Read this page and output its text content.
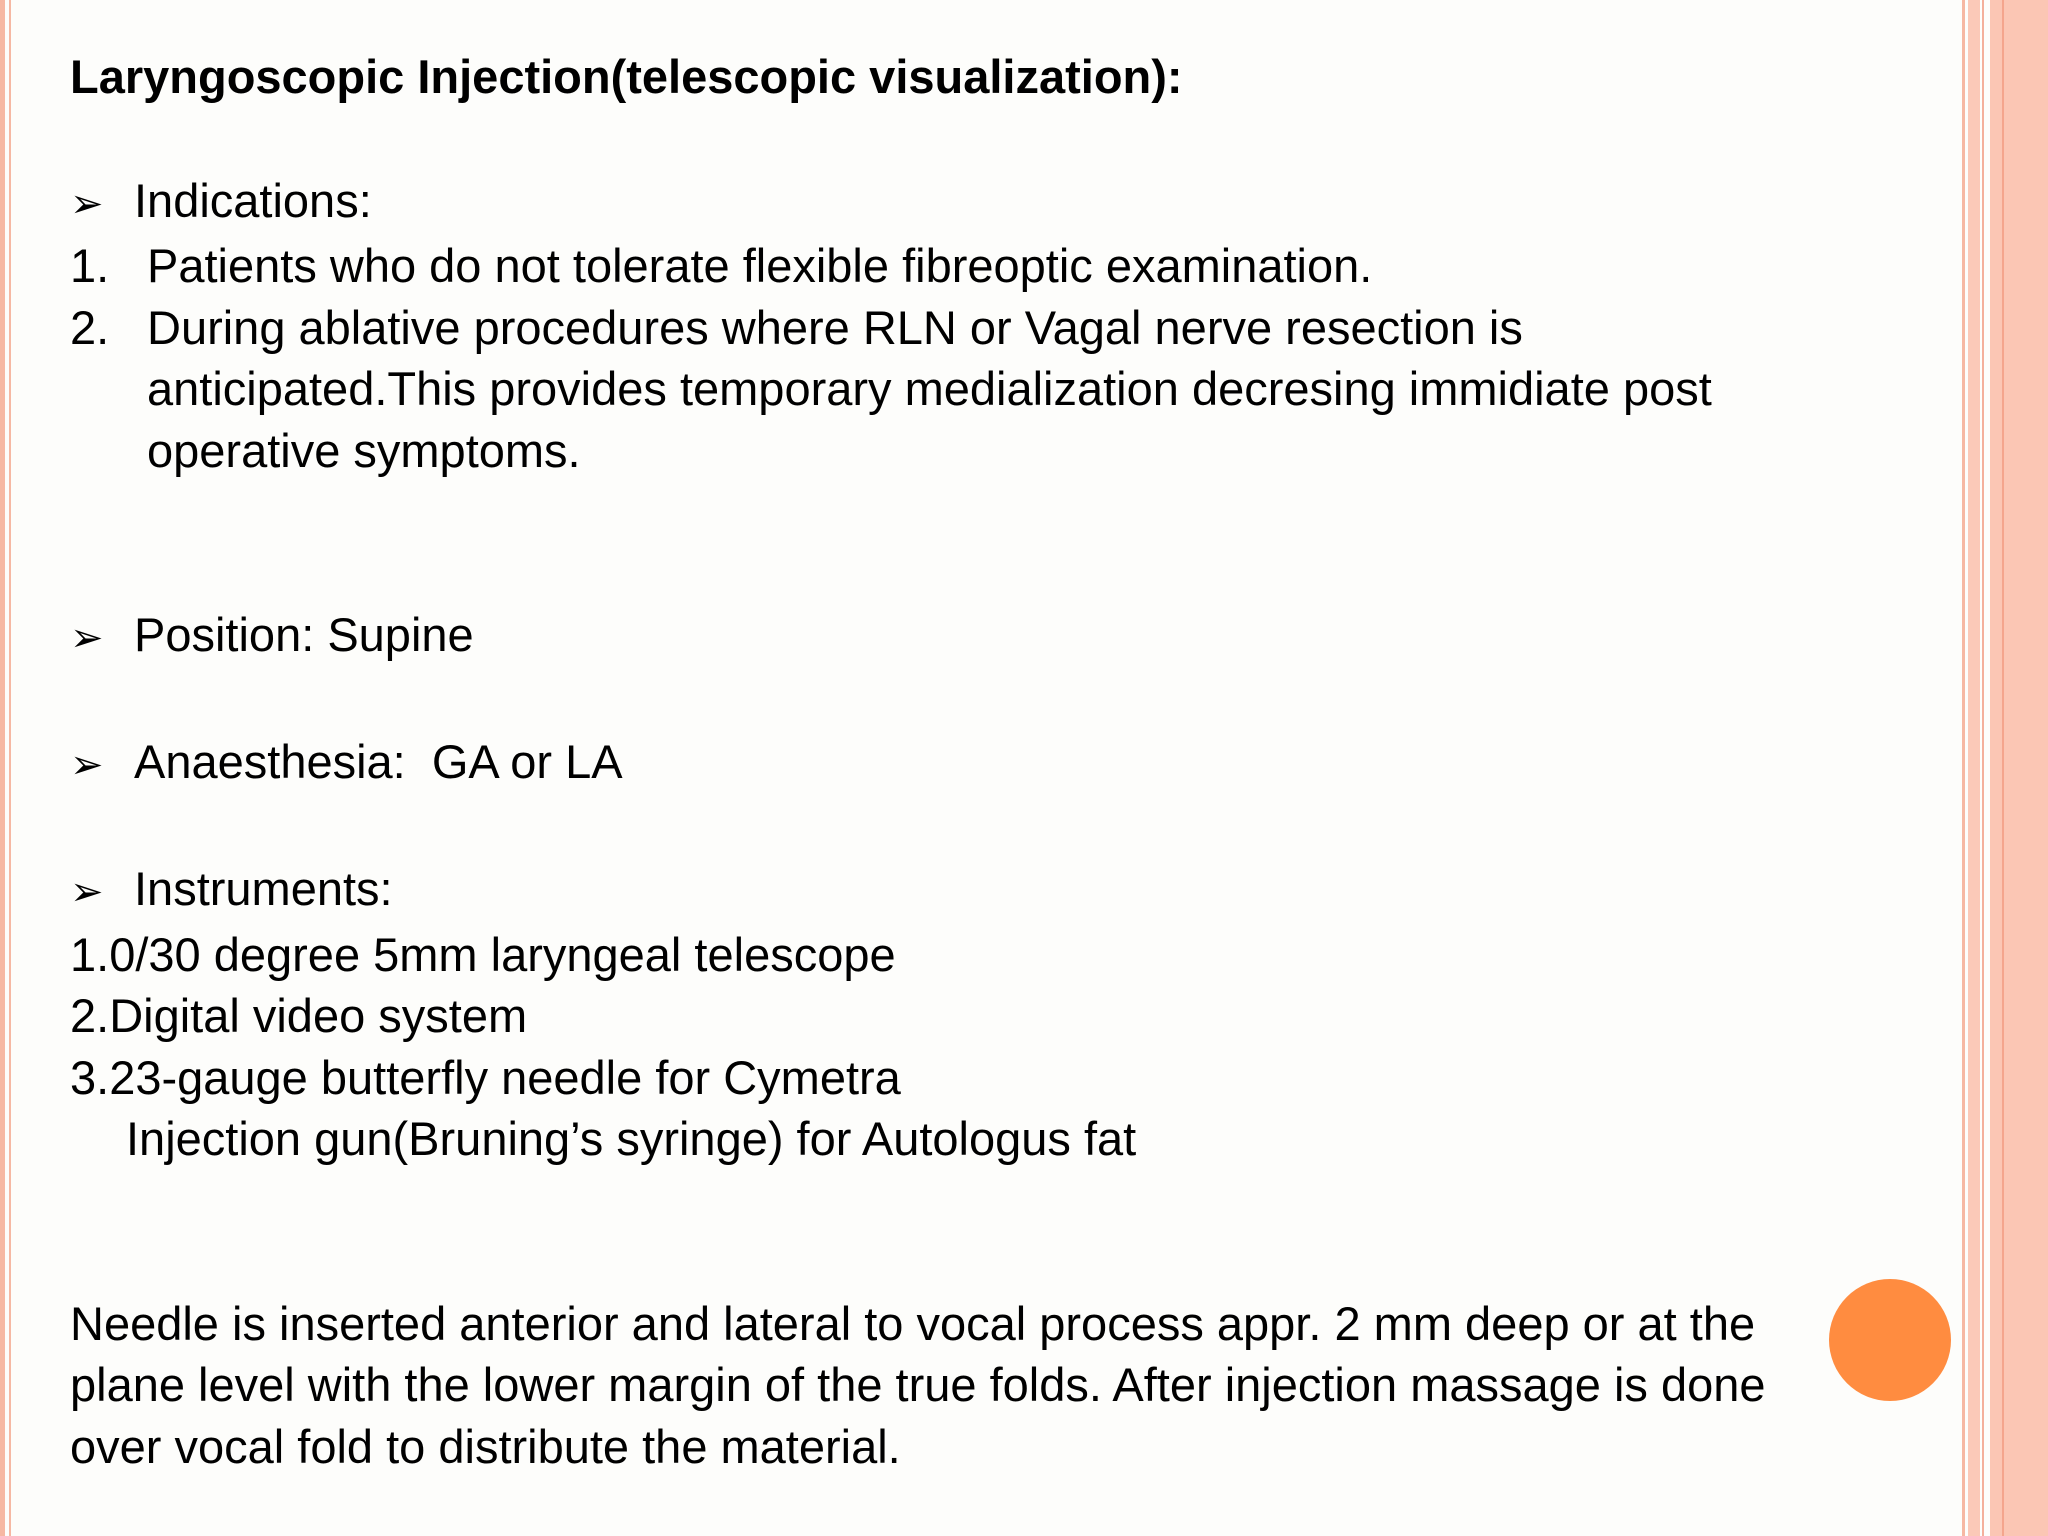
Laryngoscopic Injection(telescopic visualization):
➢ Indications:
1. Patients who do not tolerate flexible fibreoptic examination.
2. During ablative procedures where RLN or Vagal nerve resection is
anticipated.This provides temporary medialization decresing immidiate post
operative symptoms.
➢ Position: Supine
➢ Anaesthesia:  GA or LA
➢ Instruments:
1.0/30 degree 5mm laryngeal telescope
2.Digital video system
3.23-gauge butterfly needle for Cymetra
Injection gun(Bruning’s syringe) for Autologus fat
Needle is inserted anterior and lateral to vocal process appr. 2 mm deep or at the
plane level with the lower margin of the true folds. After injection massage is done
over vocal fold to distribute the material.
